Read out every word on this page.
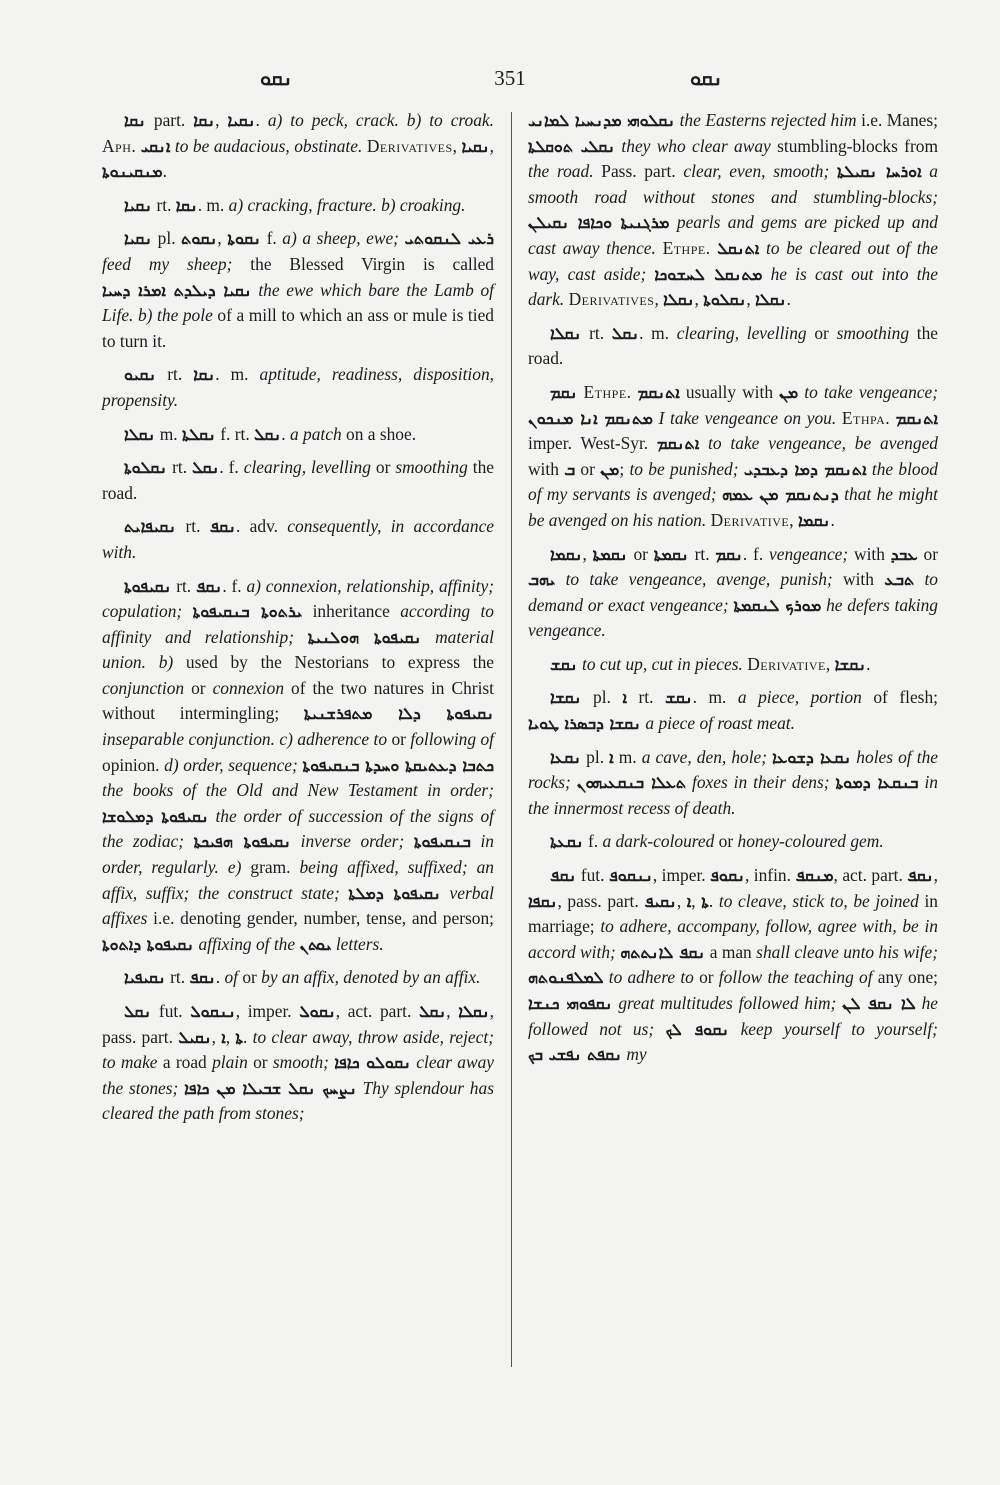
ܢܩܘ	351	ܢܩܘ

ܢܩܐ part. ܢܩܐ, ܢܩܝܐ. a) to peck, crack. b) to croak. Aph. ܐܢܩܝ to be audacious, obstinate. Derivatives, ܢܩܝܐ, ܡܢܩܝܢܘܬܐ.

ܢܩܝܐ rt. ܢܩܐ. m. a) cracking, fracture. b) croaking.

ܢܩܝܐ pl. ܢܩܘܬ, ܢܩܘܬܐ f. a) a sheep, ewe; ܪܥܝ ܠܢܩܘܬܝ feed my sheep; the Blessed Virgin is called ܢܩܝܐ ܕܝܠܕܬ ܐܡܪܐ ܕܚܝܐ the ewe which bare the Lamb of Life. b) the pole of a mill to which an ass or mule is tied to turn it.

ܢܩܝܘ rt. ܢܩܐ. m. aptitude, readiness, disposition, propensity.

ܢܩܠܐ m. ܢܩܠܬܐ f. rt. ܢܩܠ. a patch on a shoe.

ܢܩܠܘܬܐ rt. ܢܩܠ. f. clearing, levelling or smoothing the road.

ܢܩܝܦܐܝܬ rt. ܢܩܦ. adv. consequently, in accordance with.

ܢܩܝܦܘܬܐ rt. ܢܩܦ. f. a) connexion, relationship, affinity; copulation; ܝܪܬܘܬܐ ܒܢܩܝܦܘܬܐ inheritance according to affinity and relationship; ܢܩܝܦܘܬܐ ܗܘܠܢܝܬܐ material union. b) used by the Nestorians to express the conjunction or connexion of the two natures in Christ without intermingling; ܢܩܝܦܘܬܐ ܕܠܐ ܡܬܦܪܫܢܝܬܐ inseparable conjunction. c) adherence to or following of opinion. d) order, sequence; ܟܬܒܐ ܕܥܬܝܩܬܐ ܘܚܕܬܐ ܒܢܩܝܦܘܬܐ the books of the Old and New Testament in order; ܢܩܝܦܘܬܐ ܕܡܠܘܫܐ the order of succession of the signs of the zodiac; ܢܩܝܦܘܬܐ ܗܦܝܟܬܐ inverse order; ܒܢܩܝܦܘܬܐ in order, regularly. e) gram. being affixed, suffixed; an affix, suffix; the construct state; ܢܩܝܦܘܬܐ ܕܡܠܬܐ verbal affixes i.e. denoting gender, number, tense, and person; ܢܩܝܦܘܬܐ ܕܐܬܘܬܐ affixing of the ܝܘܬܢ letters.

ܢܩܝܦܝܐ rt. ܢܩܦ. of or by an affix, denoted by an affix.

ܢܩܠ fut. ܢܢܩܘܠ, imper. ܢܩܘܠ, act. part. ܢܩܠ, ܢܩܠܐ, pass. part. ܢܩܝܠ, ܐ, ܬܐ. to clear away, throw aside, reject; to make a road plain or smooth; ܢܩܘܠܘ ܟܐܦܐ clear away the stones; ܢܨܚܟ ܢܩܠ ܫܒܝܠܐ ܡܢ ܟܐܦܐ Thy splendour has cleared the path from stones;

ܢܩܠܘܗܝ ܡܕܢܚܝܐ ܠܡܐܢܝ the Easterns rejected him i.e. Manes; ܢܩܠܝ ܬܘܩܠܬܐ they who clear away stumbling-blocks from the road. Pass. part. clear, even, smooth; ܐܘܪܚܐ ܢܩܝܠܬܐ a smooth road without stones and stumbling-blocks; ܡܪܓܢܝܬܐ ܘܟܐܦܐ ܢܩܝܠܢ pearls and gems are picked up and cast away thence. Ethpe. ܐܬܢܩܠ to be cleared out of the way, cast aside; ܡܬܢܩܠ ܠܚܫܘܟܐ he is cast out into the dark. Derivatives, ܢܩܠܐ, ܢܩܠܘܬܐ, ܢܩܠܐ.

ܢܩܠܐ rt. ܢܩܠ. m. clearing, levelling or smoothing the road.

ܢܩܡ Ethpe. ܐܬܢܩܡ usually with ܡܢ to take vengeance; ܡܬܢܩܡ ܐܢܐ ܡܢܟܘܢ I take vengeance on you. Ethpa. ܐܬܢܩܡ imper. West-Syr. ܐܬܢܩܡ to take vengeance, be avenged with ܒ or ܡܢ; to be punished; ܐܬܢܩܡ ܕܡܐ ܕܥܒܕܝ the blood of my servants is avenged; ܕܢܬܢܩܡ ܡܢ ܥܡܗ that he might be avenged on his nation. Derivative, ܢܩܡܐ.

ܢܩܡܐ, ܢܩܡܬܐ or ܢܩܡܬܐ rt. ܢܩܡ. f. vengeance; with ܥܒܕ or ܝܗܒ to take vengeance, avenge, punish; with ܬܒܥ to demand or exact vengeance; ܡܘܪܟ ܠܢܩܡܬܐ he defers taking vengeance.

ܢܩܫ to cut up, cut in pieces. Derivative, ܢܩܫܐ.

ܢܩܫܐ pl. ܐ rt. ܢܩܫ. m. a piece, portion of flesh; ܢܩܫܐ ܕܒܣܪܐ ܛܘܝܐ a piece of roast meat.

ܢܩܥܐ pl. ܐ m. a cave, den, hole; ܢܩܥܐ ܕܫܘܥܐ holes of the rocks; ܬܥܠܐ ܒܢܩܥܝܗܘܢ foxes in their dens; ܒܢܩܥܐ ܕܡܘܬܐ in the innermost recess of death.

ܢܩܥܬܐ f. a dark-coloured or honey-coloured gem.

ܢܩܦ fut. ܢܢܩܘܦ, imper. ܢܩܘܦ, infin. ܡܢܩܦ, act. part. ܢܩܦ, ܢܩܦܐ, pass. part. ܢܩܝܦ, ܐ, ܬܐ. to cleave, stick to, be joined in marriage; to adhere, accompany, follow, agree with, be in accord with; ܢܩܦ ܠܐܢܬܬܗ a man shall cleave unto his wife; ܠܡܠܦܢܘܬܗ to adhere to or follow the teaching of any one; ܢܩܦܘܗܝ ܟܢܫܐ great multitudes followed him; ܠܐ ܢܩܦ ܠܢ he followed not us; ܢܩܘܦ ܠܟ keep yourself to yourself; ܢܩܦܬ ܢܦܫܝ ܒܟ my
